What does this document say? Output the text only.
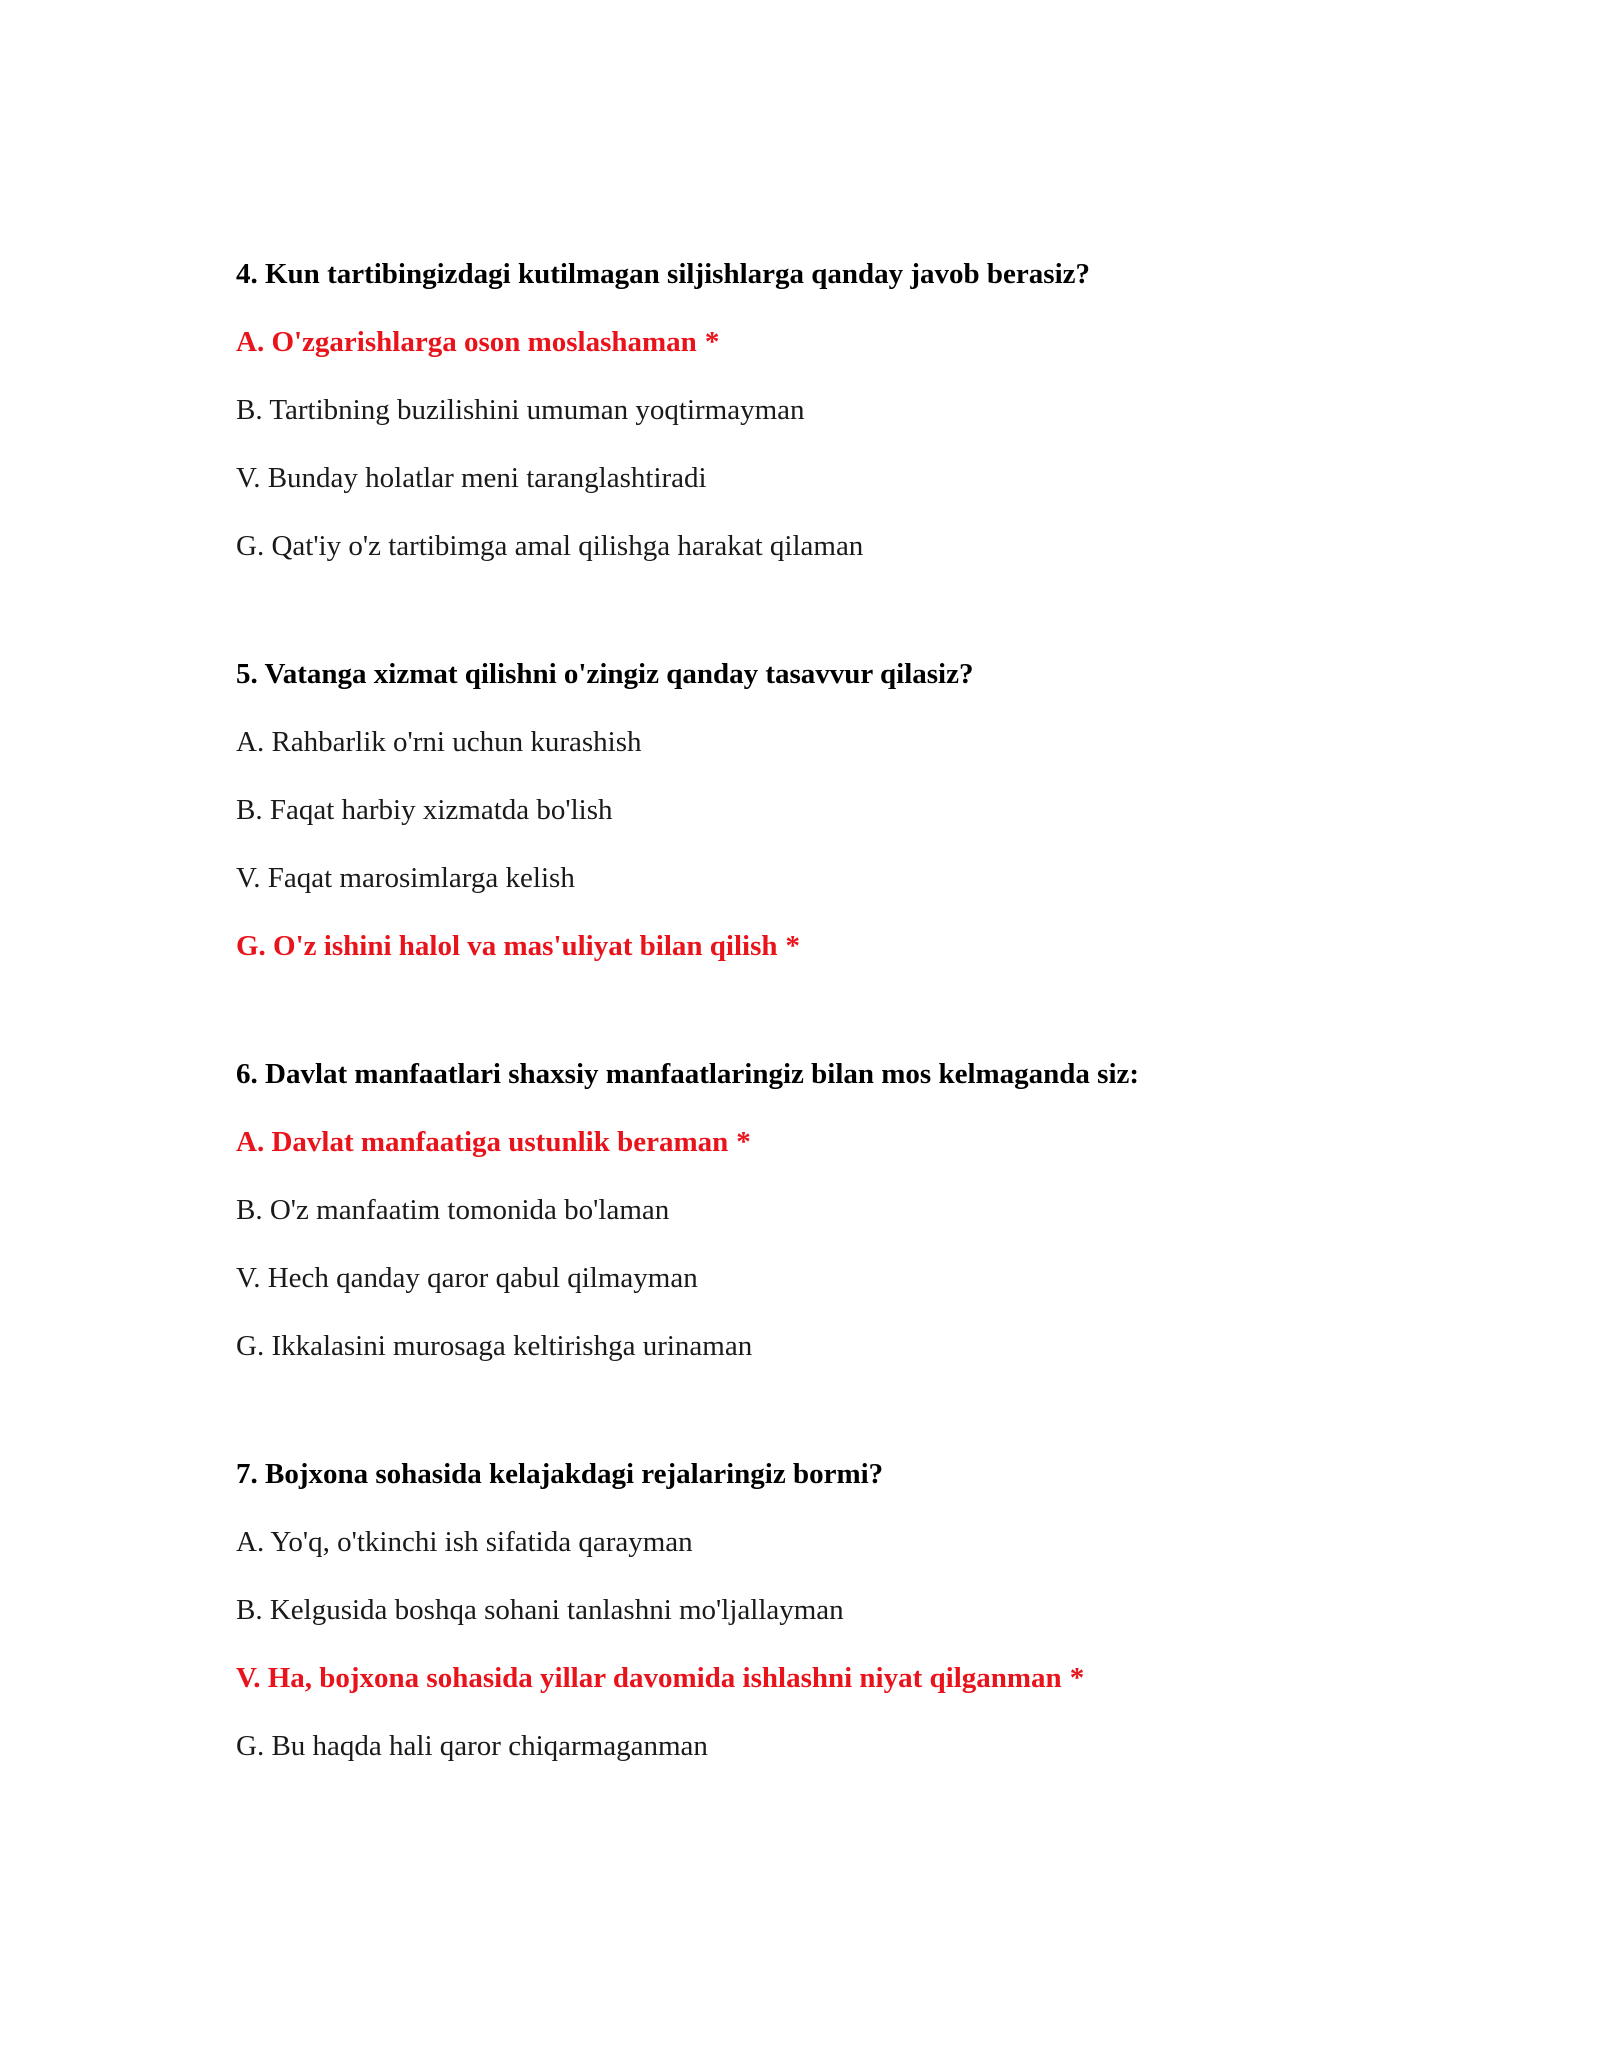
4. Kun tartibingizdagi kutilmagan siljishlarga qanday javob berasiz?

A. O'zgarishlarga oson moslashaman *

B. Tartibning buzilishini umuman yoqtirmayman

V. Bunday holatlar meni taranglashtiradi

G. Qat'iy o'z tartibimga amal qilishga harakat qilaman

5. Vatanga xizmat qilishni o'zingiz qanday tasavvur qilasiz?

A. Rahbarlik o'rni uchun kurashish

B. Faqat harbiy xizmatda bo'lish

V. Faqat marosimlarga kelish

G. O'z ishini halol va mas'uliyat bilan qilish *

6. Davlat manfaatlari shaxsiy manfaatlaringiz bilan mos kelmaganda siz:

A. Davlat manfaatiga ustunlik beraman *

B. O'z manfaatim tomonida bo'laman

V. Hech qanday qaror qabul qilmayman

G. Ikkalasini murosaga keltirishga urinaman

7. Bojxona sohasida kelajakdagi rejalaringiz bormi?

A. Yo'q, o'tkinchi ish sifatida qarayman

B. Kelgusida boshqa sohani tanlashni mo'ljallayman

V. Ha, bojxona sohasida yillar davomida ishlashni niyat qilganman *

G. Bu haqda hali qaror chiqarmaganman
